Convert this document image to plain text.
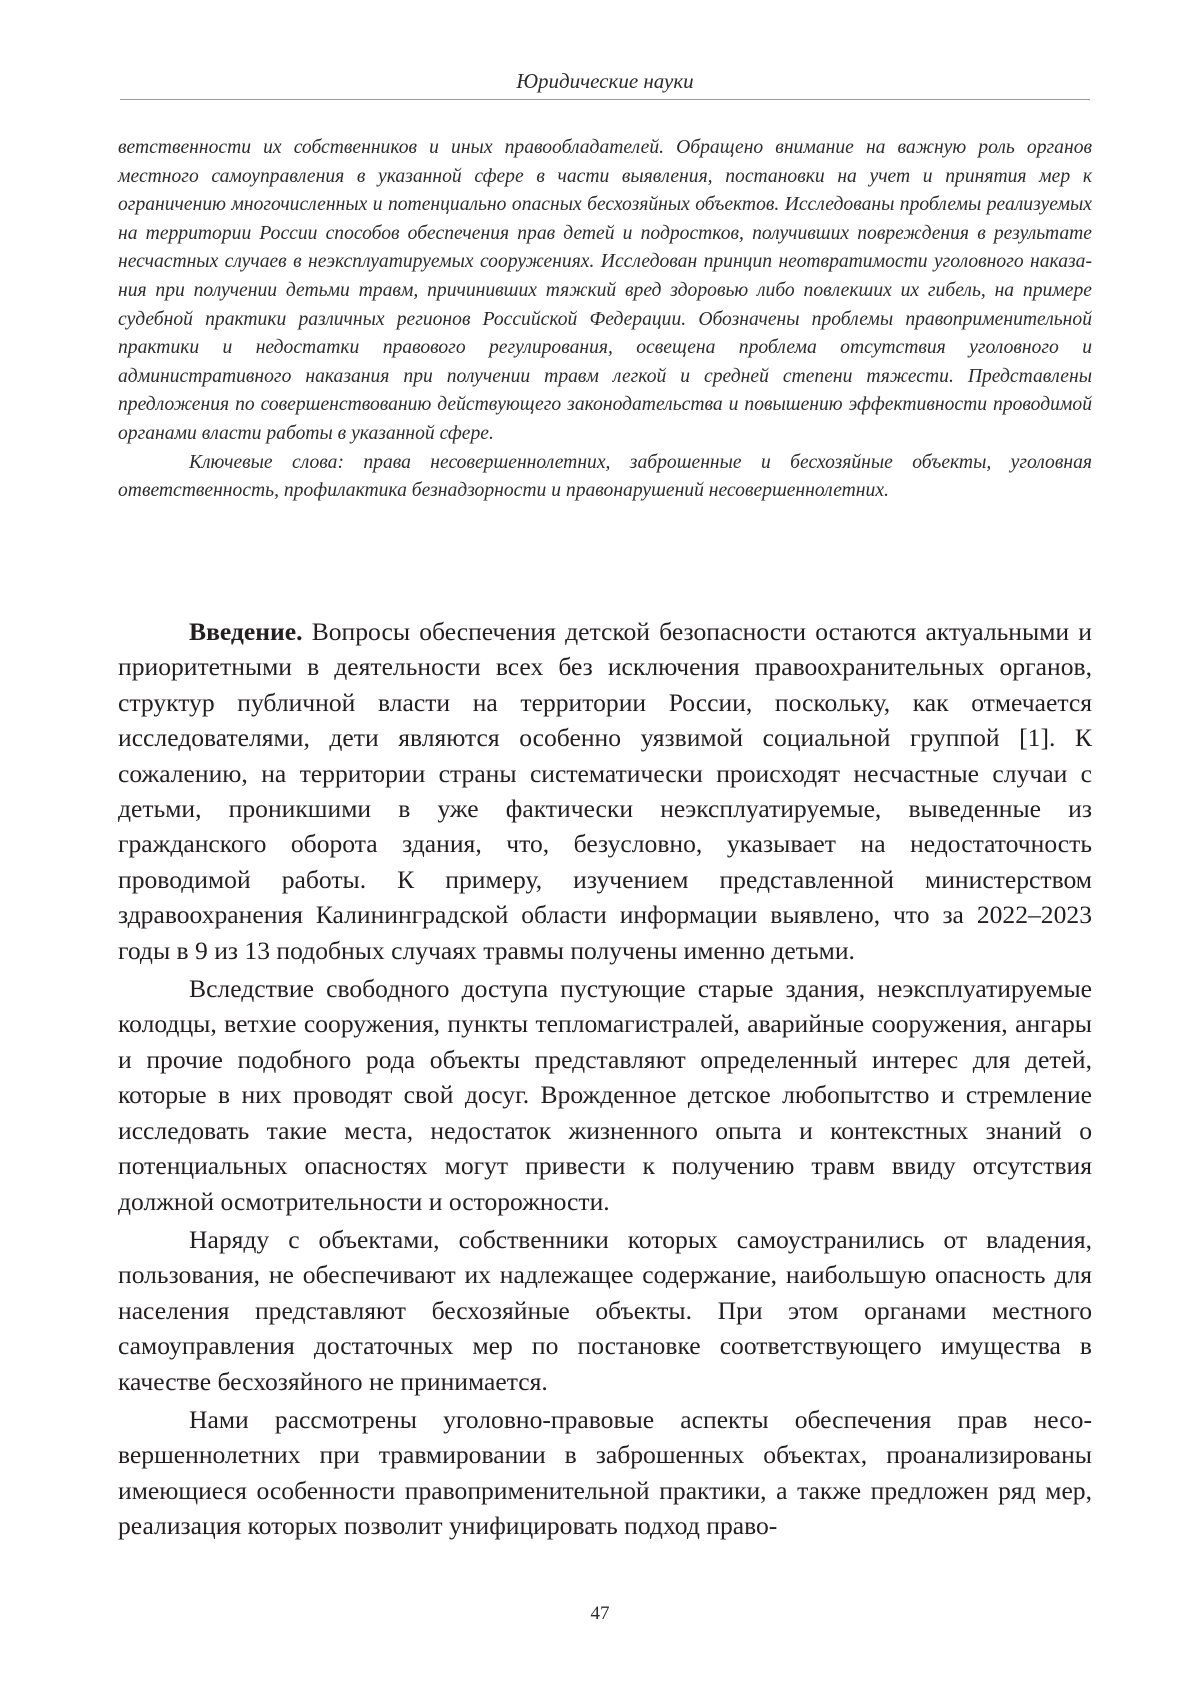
Юридические науки

ветственности их собственников и иных правообладателей. Обращено внимание на важную роль органов местного самоуправления в указанной сфере в части выявления, постановки на учет и принятия мер к ограничению многочисленных и потенциально опасных бесхозяйных объектов. Исследованы проблемы реализуемых на территории России способов обеспечения прав детей и подростков, получивших повреждения в результате несчастных случаев в неэксплуатируемых сооружениях. Исследован принцип неотвратимости уголовного наказания при получении детьми травм, причинивших тяжкий вред здоровью либо повлекших их гибель, на примере судебной практики различных регионов Российской Федерации. Обозначены проблемы правоприменительной практики и недостатки правового регулирования, освещена проблема отсутствия уголовного и административного наказания при получении травм легкой и средней степени тяжести. Представлены предложения по совершенствованию действующего законодательства и повышению эффективности проводимой органами власти работы в указанной сфере.

Ключевые слова: права несовершеннолетних, заброшенные и бесхозяйные объекты, уголовная ответственность, профилактика безнадзорности и правонарушений несовершеннолетних.

Введение. Вопросы обеспечения детской безопасности остаются актуальными и приоритетными в деятельности всех без исключения правоохранительных органов, структур публичной власти на территории России, поскольку, как отмечается исследователями, дети являются особенно уязвимой социальной группой [1]. К сожалению, на территории страны систематически происходят несчастные случаи с детьми, проникшими в уже фактически неэксплуатируемые, выведенные из гражданского оборота здания, что, безусловно, указывает на недостаточность проводимой работы. К примеру, изучением представленной министерством здравоохранения Калининградской области информации выявлено, что за 2022–2023 годы в 9 из 13 подобных случаях травмы получены именно детьми.

Вследствие свободного доступа пустующие старые здания, неэксплуатируемые колодцы, ветхие сооружения, пункты тепломагистралей, аварийные сооружения, ангары и прочие подобного рода объекты представляют определенный интерес для детей, которые в них проводят свой досуг. Врожденное детское любопытство и стремление исследовать такие места, недостаток жизненного опыта и контекстных знаний о потенциальных опасностях могут привести к получению травм ввиду отсутствия должной осмотрительности и осторожности.

Наряду с объектами, собственники которых самоустранились от владения, пользования, не обеспечивают их надлежащее содержание, наибольшую опасность для населения представляют бесхозяйные объекты. При этом органами местного самоуправления достаточных мер по постановке соответствующего имущества в качестве бесхозяйного не принимается.

Нами рассмотрены уголовно-правовые аспекты обеспечения прав несовершеннолетних при травмировании в заброшенных объектах, проанализированы имеющиеся особенности правоприменительной практики, а также предложен ряд мер, реализация которых позволит унифицировать подход право-

47
